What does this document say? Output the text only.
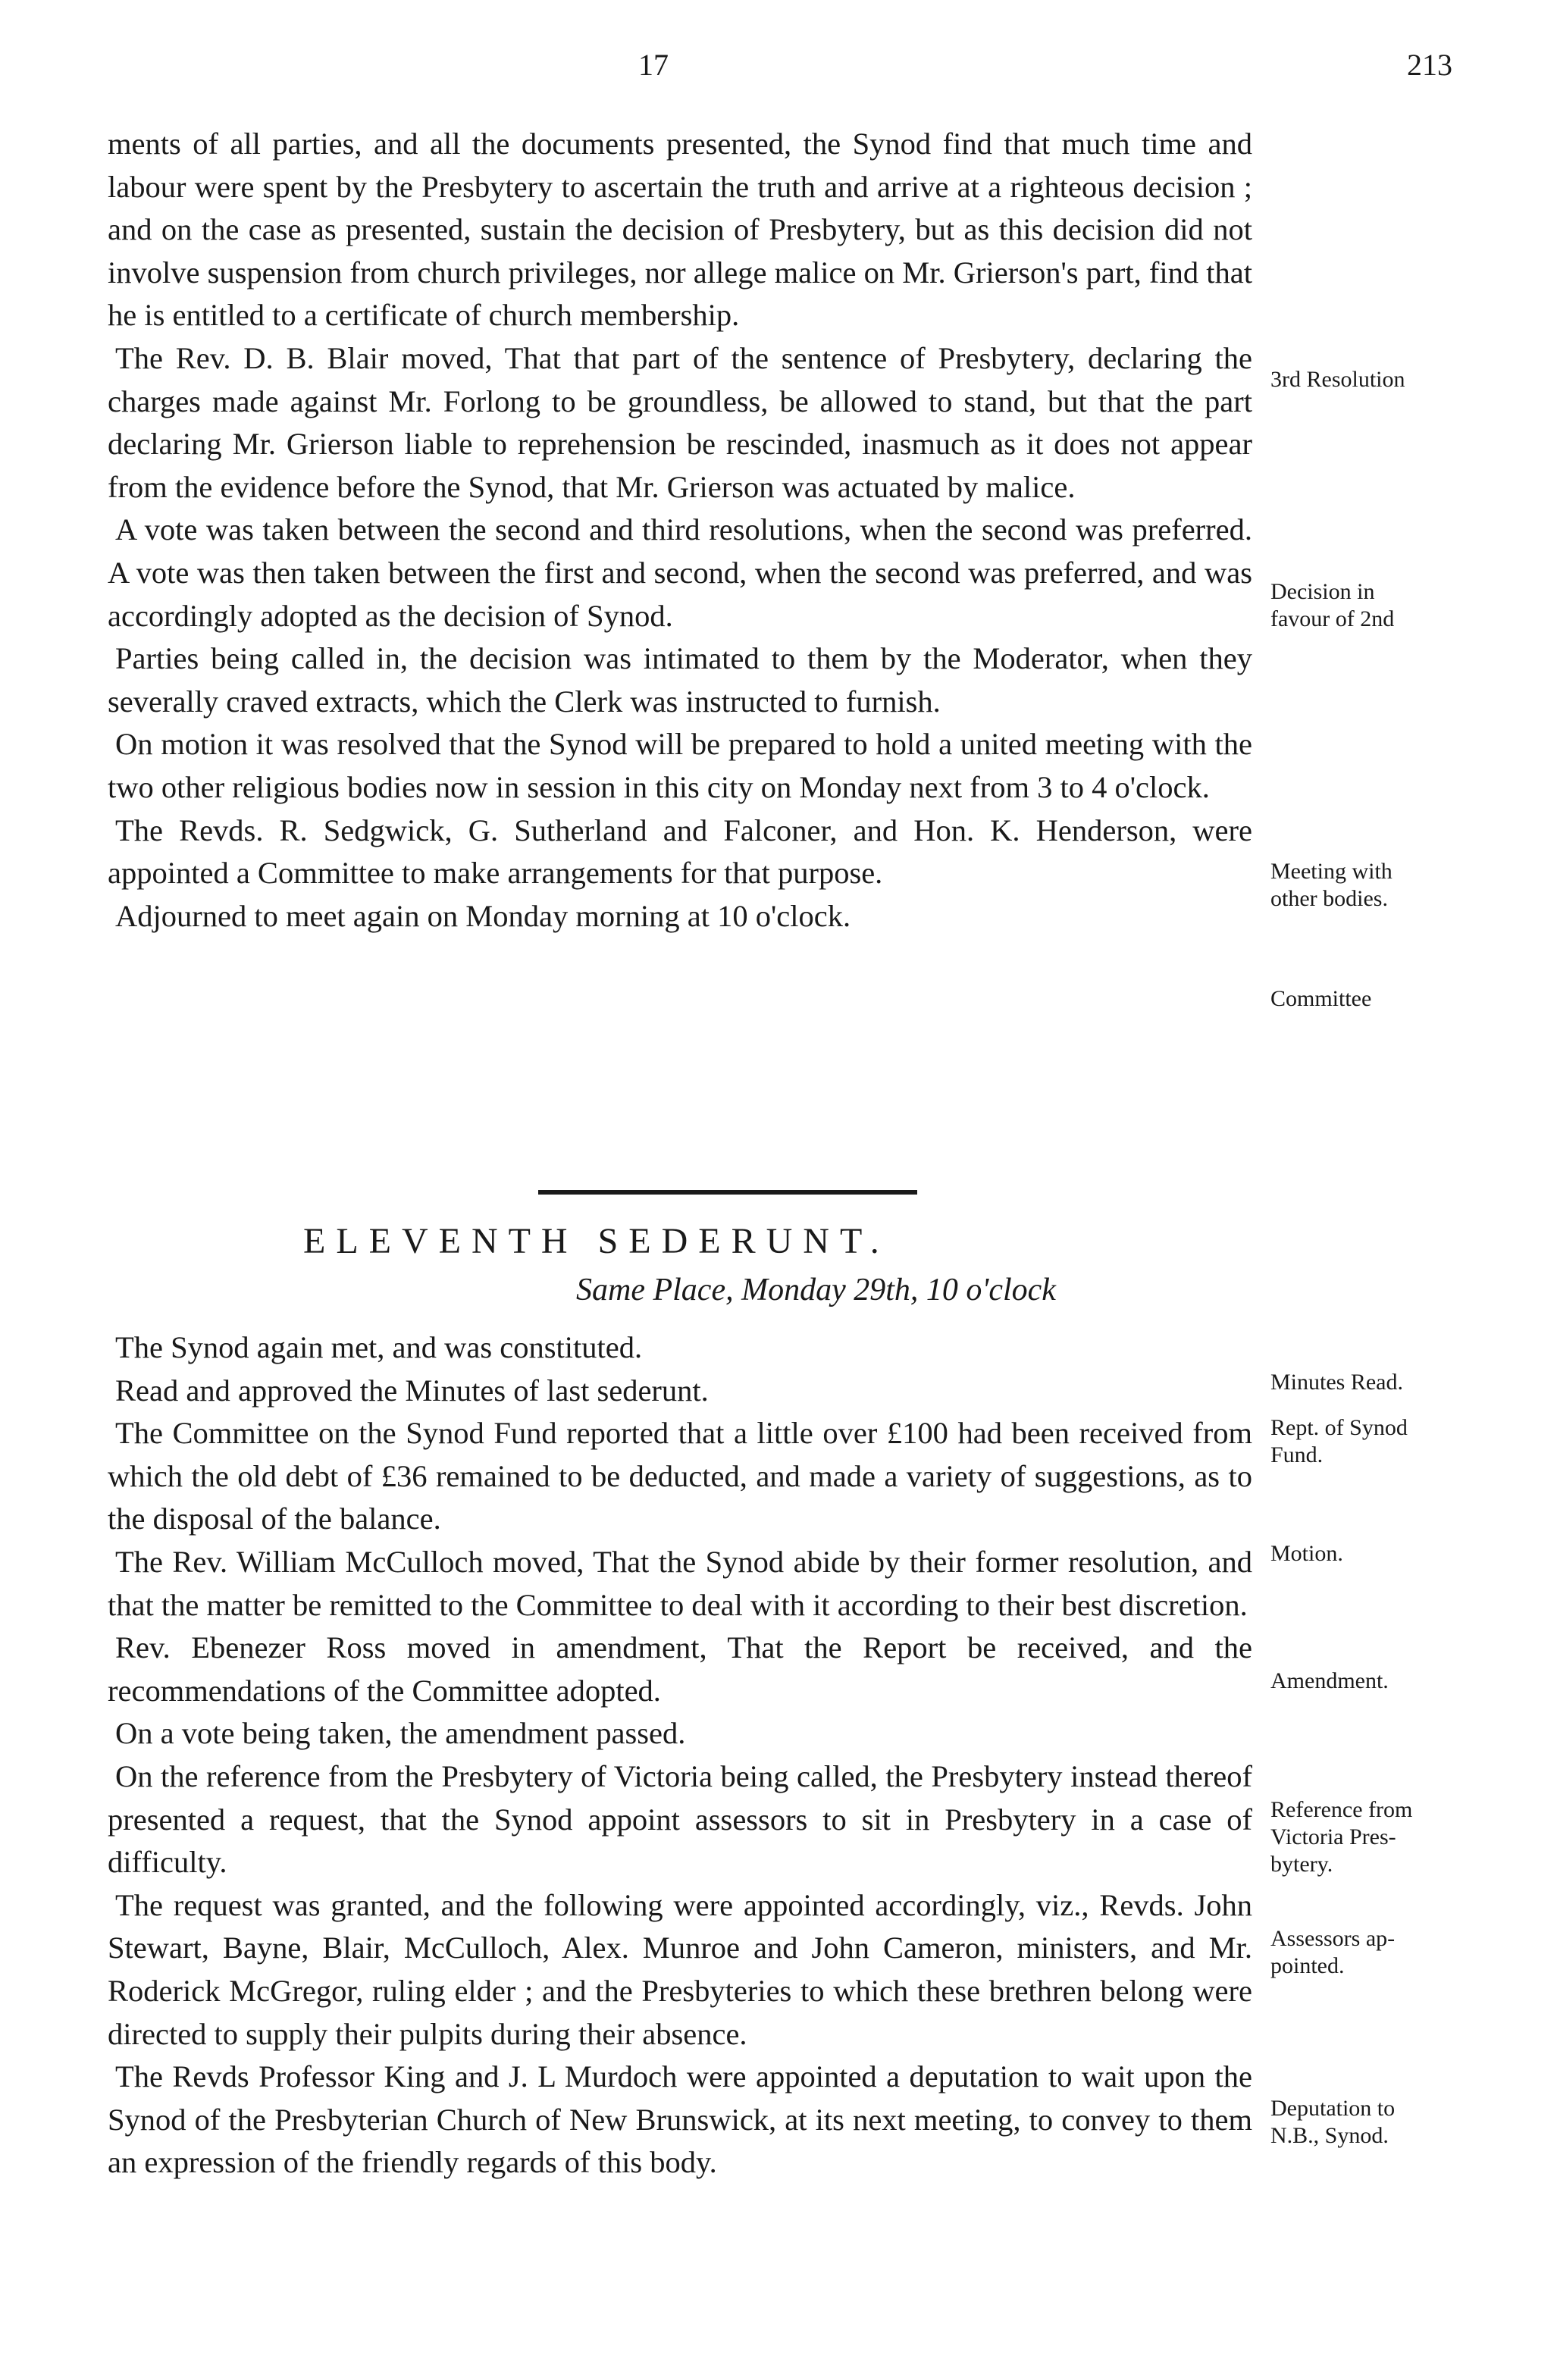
17	213

ments of all parties, and all the documents presented, the Synod find that much time and labour were spent by the Presbytery to ascertain the truth and arrive at a righteous decision ; and on the case as presented, sustain the decision of Presbytery, but as this decision did not involve suspension from church privileges, nor allege malice on Mr. Grierson's part, find that he is entitled to a certificate of church membership.

The Rev. D. B. Blair moved, That that part of the sentence of Presbytery, declaring the charges made against Mr. Forlong to be groundless, be allowed to stand, but that the part declaring Mr. Grierson liable to reprehension be rescinded, inasmuch as it does not appear from the evidence before the Synod, that Mr. Grierson was actuated by malice.

A vote was taken between the second and third resolutions, when the second was preferred. A vote was then taken between the first and second, when the second was preferred, and was accordingly adopted as the decision of Synod.

Parties being called in, the decision was intimated to them by the Moderator, when they severally craved extracts, which the Clerk was instructed to furnish.

On motion it was resolved that the Synod will be prepared to hold a united meeting with the two other religious bodies now in session in this city on Monday next from 3 to 4 o'clock.

The Revds. R. Sedgwick, G. Sutherland and Falconer, and Hon. K. Henderson, were appointed a Committee to make arrangements for that purpose.

Adjourned to meet again on Monday morning at 10 o'clock.

ELEVENTH SEDERUNT.
Same Place, Monday 29th, 10 o'clock

The Synod again met, and was constituted.

Read and approved the Minutes of last sederunt.

The Committee on the Synod Fund reported that a little over £100 had been received from which the old debt of £36 remained to be deducted, and made a variety of suggestions, as to the disposal of the balance.

The Rev. William McCulloch moved, That the Synod abide by their former resolution, and that the matter be remitted to the Committee to deal with it according to their best discretion.

Rev. Ebenezer Ross moved in amendment, That the Report be received, and the recommendations of the Committee adopted.

On a vote being taken, the amendment passed.

On the reference from the Presbytery of Victoria being called, the Presbytery instead thereof presented a request, that the Synod appoint assessors to sit in Presbytery in a case of difficulty.

The request was granted, and the following were appointed accordingly, viz., Revds. John Stewart, Bayne, Blair, McCulloch, Alex. Munroe and John Cameron, ministers, and Mr. Roderick McGregor, ruling elder ; and the Presbyteries to which these brethren belong were directed to supply their pulpits during their absence.

The Revds Professor King and J. L Murdoch were appointed a deputation to wait upon the Synod of the Presbyterian Church of New Brunswick, at its next meeting, to convey to them an expression of the friendly regards of this body.

3rd Resolution
Decision in
favour of 2nd
Meeting with
other bodies.
Committee
Minutes Read.
Rept. of Synod
Fund.
Motion.
Amendment.
Reference from
Victoria Pres-
bytery.
Assessors ap-
pointed.
Deputation to
N.B., Synod.
